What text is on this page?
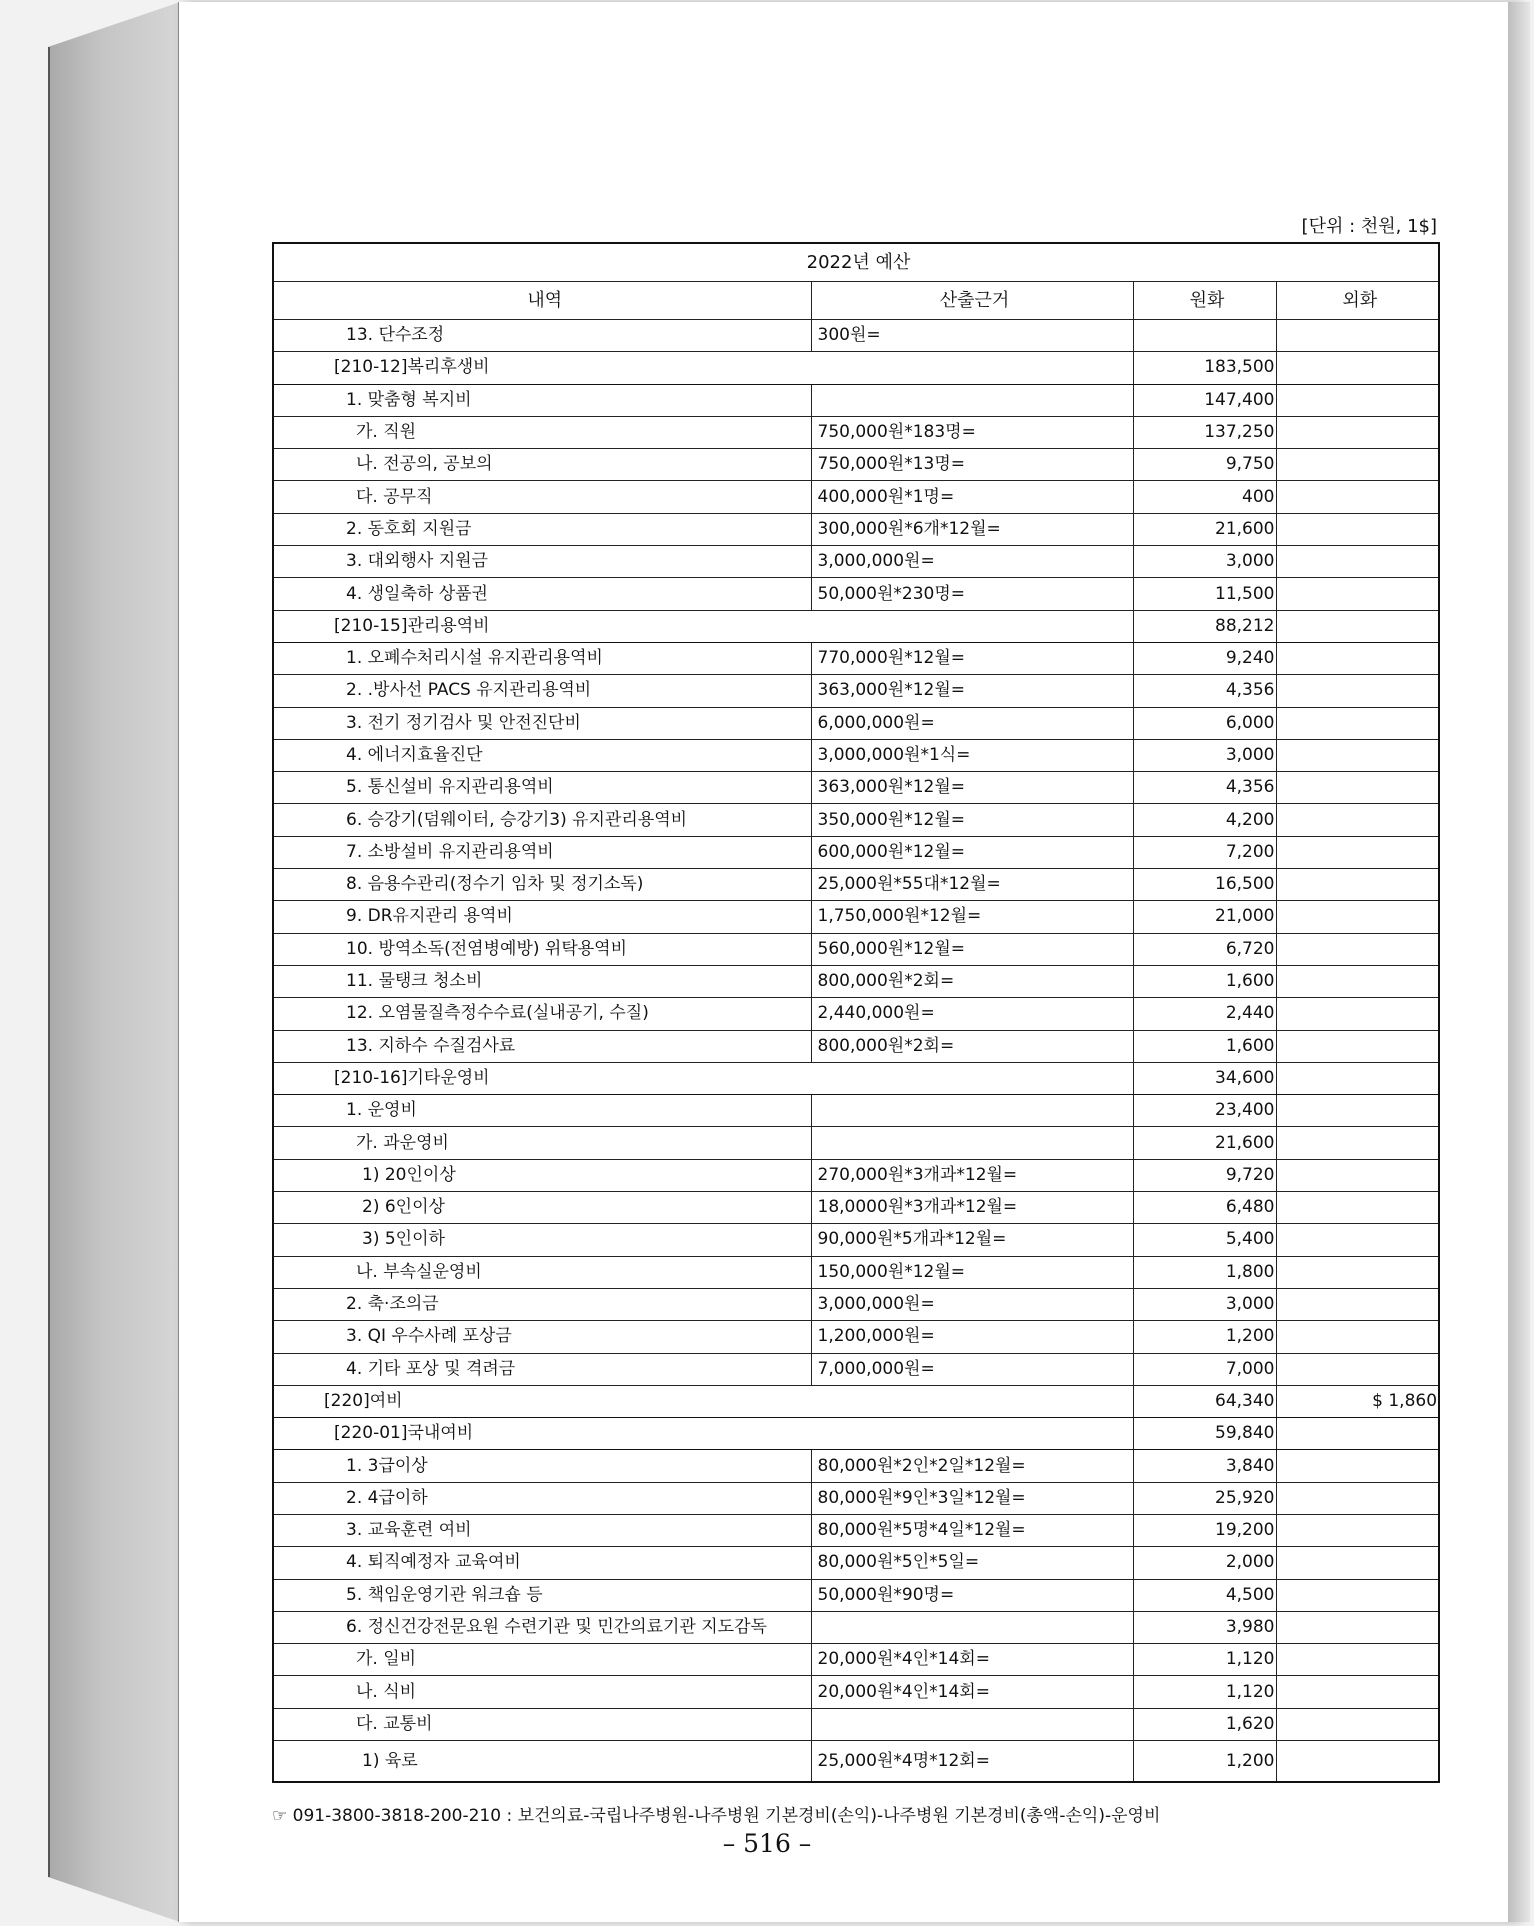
[단위 : 천원, 1$]
2022년 예산			
내역	산출근거	원화	외화
13. 단수조정	300원=		
[210-12]복리후생비		183,500	
1. 맞춤형 복지비		147,400	
가. 직원	750,000원*183명=	137,250	
나. 전공의, 공보의	750,000원*13명=	9,750	
다. 공무직	400,000원*1명=	400	
2. 동호회 지원금	300,000원*6개*12월=	21,600	
3. 대외행사 지원금	3,000,000원=	3,000	
4. 생일축하 상품권	50,000원*230명=	11,500	
[210-15]관리용역비		88,212	
1. 오폐수처리시설 유지관리용역비	770,000원*12월=	9,240	
2. .방사선 PACS 유지관리용역비	363,000원*12월=	4,356	
3. 전기 정기검사 및 안전진단비	6,000,000원=	6,000	
4. 에너지효율진단	3,000,000원*1식=	3,000	
5. 통신설비 유지관리용역비	363,000원*12월=	4,356	
6. 승강기(덤웨이터, 승강기3) 유지관리용역비	350,000원*12월=	4,200	
7. 소방설비 유지관리용역비	600,000원*12월=	7,200	
8. 음용수관리(정수기 임차 및 정기소독)	25,000원*55대*12월=	16,500	
9. DR유지관리 용역비	1,750,000원*12월=	21,000	
10. 방역소독(전염병예방) 위탁용역비	560,000원*12월=	6,720	
11. 물탱크 청소비	800,000원*2회=	1,600	
12. 오염물질측정수수료(실내공기, 수질)	2,440,000원=	2,440	
13. 지하수 수질검사료	800,000원*2회=	1,600	
[210-16]기타운영비		34,600	
1. 운영비		23,400	
가. 과운영비		21,600	
1) 20인이상	270,000원*3개과*12월=	9,720	
2) 6인이상	18,0000원*3개과*12월=	6,480	
3) 5인이하	90,000원*5개과*12월=	5,400	
나. 부속실운영비	150,000원*12월=	1,800	
2. 축·조의금	3,000,000원=	3,000	
3. QI 우수사례 포상금	1,200,000원=	1,200	
4. 기타 포상 및 격려금	7,000,000원=	7,000	
[220]여비		64,340	$ 1,860
[220-01]국내여비		59,840	
1. 3급이상	80,000원*2인*2일*12월=	3,840	
2. 4급이하	80,000원*9인*3일*12월=	25,920	
3. 교육훈련 여비	80,000원*5명*4일*12월=	19,200	
4. 퇴직예정자 교육여비	80,000원*5인*5일=	2,000	
5. 책임운영기관 워크숍 등	50,000원*90명=	4,500	
6. 정신건강전문요원 수련기관 및 민간의료기관 지도감독		3,980	
가. 일비	20,000원*4인*14회=	1,120	
나. 식비	20,000원*4인*14회=	1,120	
다. 교통비		1,620	
1) 육로	25,000원*4명*12회=	1,200	
☞ 091-3800-3818-200-210 : 보건의료-국립나주병원-나주병원 기본경비(손익)-나주병원 기본경비(총액-손익)-운영비
– 516 –
